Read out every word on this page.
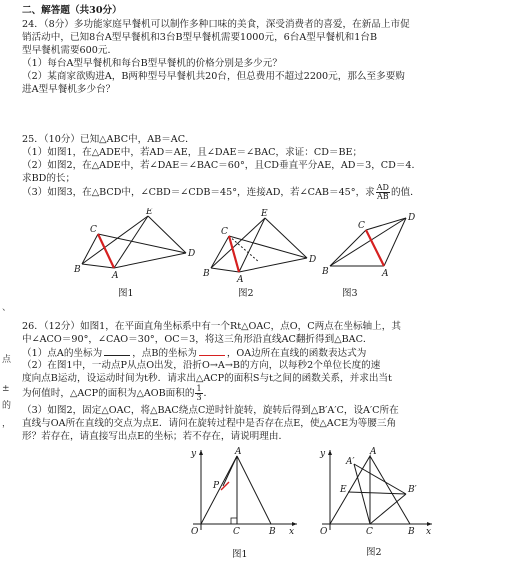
二、解答题（共30分）
24．（8分）多功能家庭早餐机可以制作多种口味的美食，深受消费者的喜爱，在新品上市促
销活动中，已知8台A型早餐机和3台B型早餐机需要1000元，6台A型早餐机和1台B
型早餐机需要600元．
（1）每台A型早餐机和每台B型早餐机的价格分别是多少元？
（2）某商家欲购进A，B两种型号早餐机共20台，但总费用不超过2200元，那么至多要购
进A型早餐机多少台？
25．（10分）已知△ABC中，AB＝AC．
（1）如图1，在△ADE中，若AD＝AE，且∠DAE＝∠BAC，求证：CD＝BE；
（2）如图2，在△ADE中，若∠DAE＝∠BAC＝60°，且CD垂直平分AE，AD＝3，CD＝4．
求BD的长；
（3）如图3，在△BCD中，∠CBD＝∠CDB＝45°，连接AD，若∠CAB＝45°，求 $\frac{AD}{AB}$ 的值．
B
A
C
E
D
图1
B
A
C
E
D
图2
B	A
C
D
图3
26．（12分）如图1，在平面直角坐标系中有一个Rt△OAC，点O，C两点在坐标轴上，其
中∠ACO＝90°，∠CAO＝30°，OC＝3，将这三角形沿直线AC翻折得到△BAC．
（1）点A的坐标为	，点B的坐标为	，OA边所在直线的函数表达式为
（2）在图1中，一动点P从点O出发，沿折O→A→B的方向，以每秒2个单位长度的速
度向点B运动，设运动时间为t秒．请求出△ACP的面积S与t之间的函数关系，并求出当t
为何值时，△ACP的面积为△AOB面积的 $\frac{1}{3}$ ．
（3）如图2，固定△OAC，将△BAC绕点C逆时针旋转，旋转后得到△B′A′C，设A′C所在
直线与OA所在直线的交点为点E．请问在旋转过程中是否存在点E，使△ACE为等腰三角
形？若存在，请直接写出点E的坐标；若不存在，请说明理由．
y
x
A
P
O	C	B
图1
y
x
A
A′
E	B′
O	C	B
图2
、
点
±
的
，
